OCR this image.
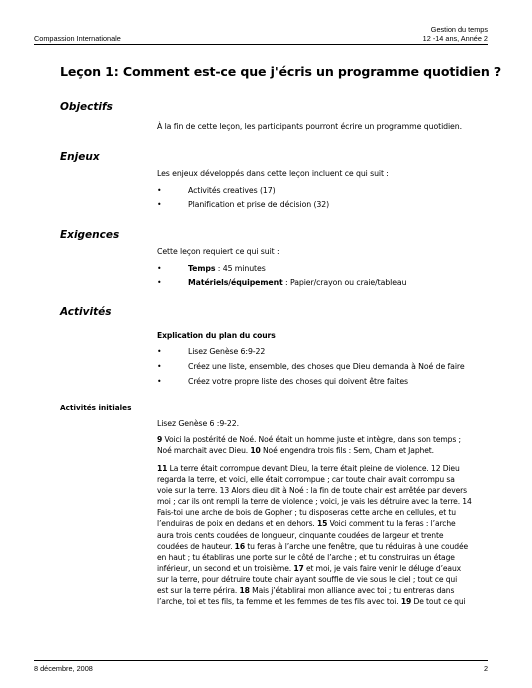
Gestion du temps
12 -14 ans, Année 2
Compassion Internationale
Leçon 1: Comment est-ce que j'écris un programme quotidien ?
Objectifs
À la fin de cette leçon, les participants pourront écrire un programme quotidien.
Enjeux
Les enjeux développés dans cette leçon incluent ce qui suit :
•	Activités creatives (17)
•	Planification et prise de décision (32)
Exigences
Cette leçon requiert ce qui suit :
•	Temps : 45 minutes
•	Matériels/équipement : Papier/crayon ou craie/tableau
Activités
Explication du plan du cours
•	Lisez Genèse 6:9-22
•	Créez une liste, ensemble, des choses que Dieu demanda à Noé de faire
•	Créez votre propre liste des choses qui doivent être faites
Activités initiales
Lisez Genèse 6 :9-22.
9 Voici la postérité de Noé. Noé était un homme juste et intègre, dans son temps ;
Noé marchait avec Dieu. 10 Noé engendra trois fils : Sem, Cham et Japhet.
11 La terre était corrompue devant Dieu, la terre était pleine de violence. 12 Dieu
regarda la terre, et voici, elle était corrompue ; car toute chair avait corrompu sa
voie sur la terre. 13 Alors dieu dit à Noé : la fin de toute chair est arrêtée par devers
moi ; car ils ont rempli la terre de violence ; voici, je vais les détruire avec la terre. 14
Fais-toi une arche de bois de Gopher ; tu disposeras cette arche en cellules, et tu
l’enduiras de poix en dedans et en dehors. 15 Voici comment tu la feras : l’arche
aura trois cents coudées de longueur, cinquante coudées de largeur et trente
coudées de hauteur. 16 tu feras à l’arche une fenêtre, que tu réduiras à une coudée
en haut ; tu établiras une porte sur le côté de l’arche ; et tu construiras un étage
inférieur, un second et un troisième. 17 et moi, je vais faire venir le déluge d’eaux
sur la terre, pour détruire toute chair ayant souffle de vie sous le ciel ; tout ce qui
est sur la terre périra. 18 Mais j’établirai mon alliance avec toi ; tu entreras dans
l’arche, toi et tes fils, ta femme et les femmes de tes fils avec toi. 19 De tout ce qui
8 décembre, 2008	2
